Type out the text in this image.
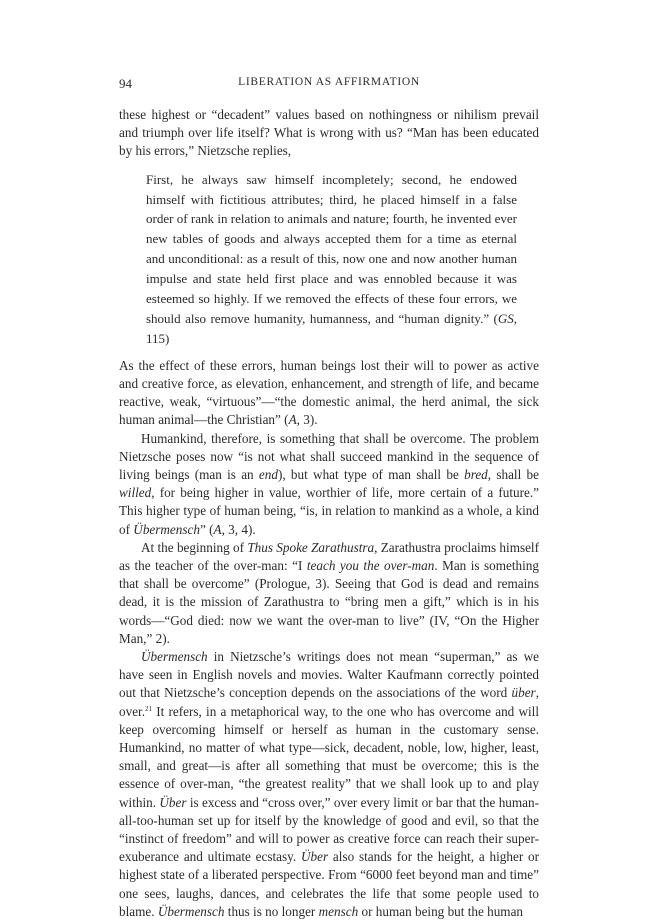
94	LIBERATION AS AFFIRMATION

these highest or “decadent” values based on nothingness or nihilism prevail and triumph over life itself? What is wrong with us? “Man has been educated by his errors,” Nietzsche replies,

First, he always saw himself incompletely; second, he endowed himself with fictitious attributes; third, he placed himself in a false order of rank in relation to animals and nature; fourth, he invented ever new tables of goods and always accepted them for a time as eternal and unconditional: as a result of this, now one and now another human impulse and state held first place and was ennobled because it was esteemed so highly. If we removed the effects of these four errors, we should also remove humanity, humanness, and “human dignity.” (GS, 115)

As the effect of these errors, human beings lost their will to power as active and creative force, as elevation, enhancement, and strength of life, and became reactive, weak, “virtuous”—“the domestic animal, the herd animal, the sick human animal—the Christian” (A, 3).

Humankind, therefore, is something that shall be overcome. The problem Nietzsche poses now “is not what shall succeed mankind in the sequence of living beings (man is an end), but what type of man shall be bred, shall be willed, for being higher in value, worthier of life, more certain of a future.” This higher type of human being, “is, in relation to mankind as a whole, a kind of Übermensch” (A, 3, 4).

At the beginning of Thus Spoke Zarathustra, Zarathustra proclaims himself as the teacher of the over-man: “I teach you the over-man. Man is something that shall be overcome” (Prologue, 3). Seeing that God is dead and remains dead, it is the mission of Zarathustra to “bring men a gift,” which is in his words—“God died: now we want the over-man to live” (IV, “On the Higher Man,” 2).

Übermensch in Nietzsche’s writings does not mean “superman,” as we have seen in English novels and movies. Walter Kaufmann correctly pointed out that Nietzsche’s conception depends on the associations of the word über, over.$^{21}$ It refers, in a metaphorical way, to the one who has overcome and will keep overcoming himself or herself as human in the customary sense. Humankind, no matter of what type—sick, decadent, noble, low, higher, least, small, and great—is after all something that must be overcome; this is the essence of over-man, “the greatest reality” that we shall look up to and play within. Über is excess and “cross over,” over every limit or bar that the human-all-too-human set up for itself by the knowledge of good and evil, so that the “instinct of freedom” and will to power as creative force can reach their super-exuberance and ultimate ecstasy. Über also stands for the height, a higher or highest state of a liberated perspective. From “6000 feet beyond man and time” one sees, laughs, dances, and celebrates the life that some people used to blame. Übermensch thus is no longer mensch or human being but the human
